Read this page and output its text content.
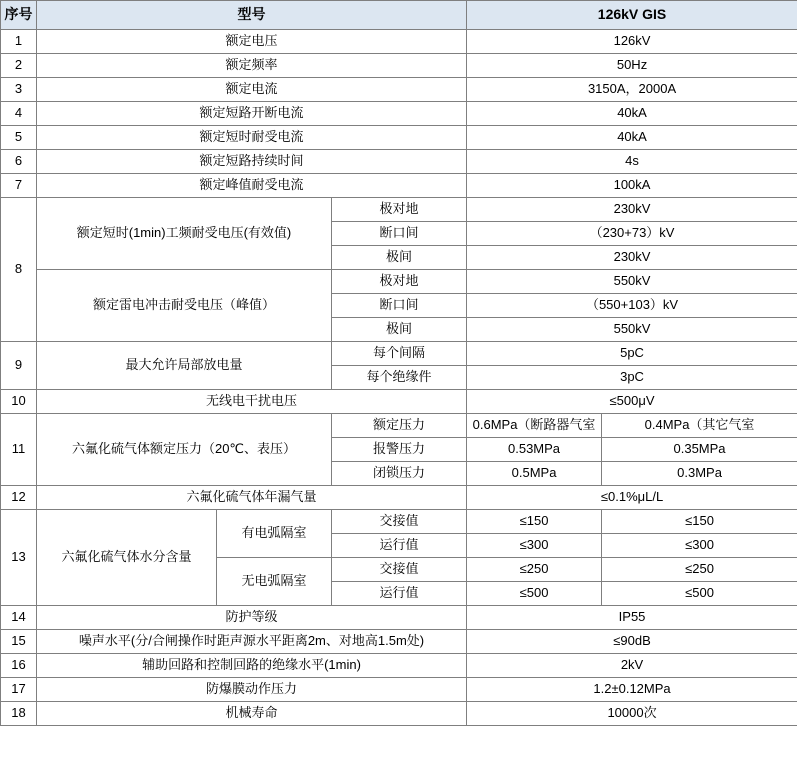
序号	型号			126kV GIS	
1	额定电压			126kV	
2	额定频率			50Hz	
3	额定电流			3150A，2000A	
4	额定短路开断电流			40kA	
5	额定短时耐受电流			40kA	
6	额定短路持续时间			4s	
7	额定峰值耐受电流			100kA	
8	额定短时(1min)工频耐受电压(有效值)		极对地	230kV	
			断口间	（230+73）kV	
			极间	230kV	
	额定雷电冲击耐受电压（峰值）		极对地	550kV	
			断口间	（550+103）kV	
			极间	550kV	
9	最大允许局部放电量		每个间隔	5pC	
			每个绝缘件	3pC	
10	无线电干扰电压			≤500μV	
11	六氟化硫气体额定压力（20℃、表压）		额定压力	0.6MPa（断路器气室	0.4MPa（其它气室
			报警压力	0.53MPa	0.35MPa
			闭锁压力	0.5MPa	0.3MPa
12	六氟化硫气体年漏气量			≤0.1%μL/L	
13	六氟化硫气体水分含量	有电弧隔室	交接值	≤150	≤150
			运行值	≤300	≤300
		无电弧隔室	交接值	≤250	≤250
			运行值	≤500	≤500
14	防护等级			IP55	
15	噪声水平(分/合闸操作时距声源水平距离2m、对地高1.5m处)			≤90dB	
16	辅助回路和控制回路的绝缘水平(1min)			2kV	
17	防爆膜动作压力			1.2±0.12MPa	
18	机械寿命			10000次	
